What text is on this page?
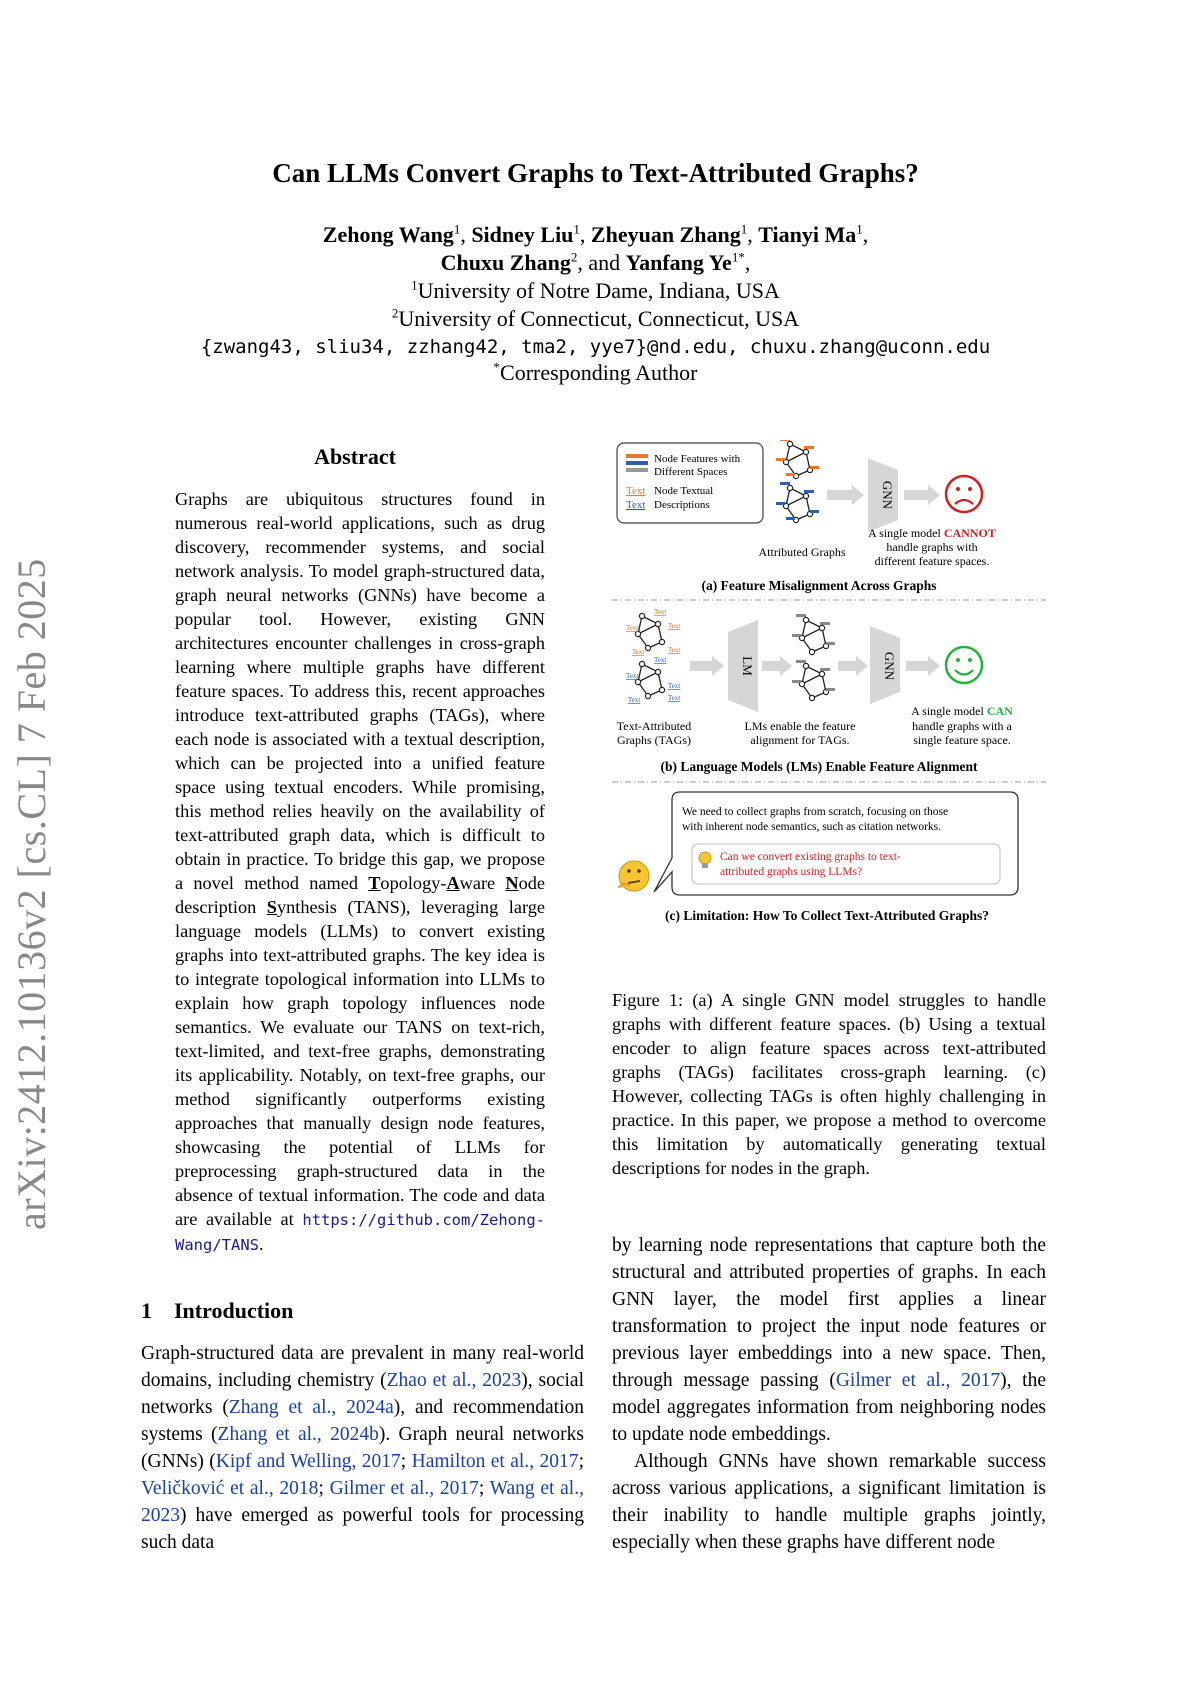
arXiv:2412.10136v2 [cs.CL] 7 Feb 2025
Can LLMs Convert Graphs to Text-Attributed Graphs?
Zehong Wang$^1$, Sidney Liu$^1$, Zheyuan Zhang$^1$, Tianyi Ma$^1$,
Chuxu Zhang$^2$, and Yanfang $Ye^{1*}$,
$^1$University of Notre Dame, Indiana, USA
$^2$University of Connecticut, Connecticut, USA
{zwang43, sliu34, zzhang42, tma2, yye7}@nd.edu, chuxu.zhang@uconn.edu
*Corresponding Author
Abstract
Graphs are ubiquitous structures found in numerous real-world applications, such as drug discovery, recommender systems, and social network analysis. To model graph-structured data, graph neural networks (GNNs) have become a popular tool. However, existing GNN architectures encounter challenges in cross-graph learning where multiple graphs have different feature spaces. To address this, recent approaches introduce text-attributed graphs (TAGs), where each node is associated with a textual description, which can be projected into a unified feature space using textual encoders. While promising, this method relies heavily on the availability of text-attributed graph data, which is difficult to obtain in practice. To bridge this gap, we propose a novel method named Topology-Aware Node description Synthesis (TANS), leveraging large language models (LLMs) to convert existing graphs into text-attributed graphs. The key idea is to integrate topological information into LLMs to explain how graph topology influences node semantics. We evaluate our TANS on text-rich, text-limited, and text-free graphs, demonstrating its applicability. Notably, on text-free graphs, our method significantly outperforms existing approaches that manually design node features, showcasing the potential of LLMs for preprocessing graph-structured data in the absence of textual information. The code and data are available at https://github.com/Zehong-Wang/TANS.
1 Introduction
Graph-structured data are prevalent in many real-world domains, including chemistry (Zhao et al., 2023), social networks (Zhang et al., 2024a), and recommendation systems (Zhang et al., 2024b). Graph neural networks (GNNs) (Kipf and Welling, 2017; Hamilton et al., 2017; Veličković et al., 2018; Gilmer et al., 2017; Wang et al., 2023) have emerged as powerful tools for processing such data
by learning node representations that capture both the structural and attributed properties of graphs. In each GNN layer, the model first applies a linear transformation to project the input node features or previous layer embeddings into a new space. Then, through message passing (Gilmer et al., 2017), the model aggregates information from neighboring nodes to update node embeddings.
Although GNNs have shown remarkable success across various applications, a significant limitation is their inability to handle multiple graphs jointly, especially when these graphs have different node
Node Features with
Different Spaces
Text
Text
Node Textual
Descriptions
Attributed Graphs
GNN
A single model CANNOT
handle graphs with
different feature spaces.
(a) Feature Misalignment Across Graphs
Text
Text
Text
Text
Text
Text
Text
Text
Text
Text
Text-Attributed
Graphs (TAGs)
LM
LMs enable the feature
alignment for TAGs.
GNN
A single model CAN
handle graphs with a
single feature space.
(b) Language Models (LMs) Enable Feature Alignment
We need to collect graphs from scratch, focusing on those
with inherent node semantics, such as citation networks.
Can we convert existing graphs to text-
attributed graphs using LLMs?
(c) Limitation: How To Collect Text-Attributed Graphs?
Figure 1: (a) A single GNN model struggles to handle graphs with different feature spaces. (b) Using a textual encoder to align feature spaces across text-attributed graphs (TAGs) facilitates cross-graph learning. (c) However, collecting TAGs is often highly challenging in practice. In this paper, we propose a method to overcome this limitation by automatically generating textual descriptions for nodes in the graph.
